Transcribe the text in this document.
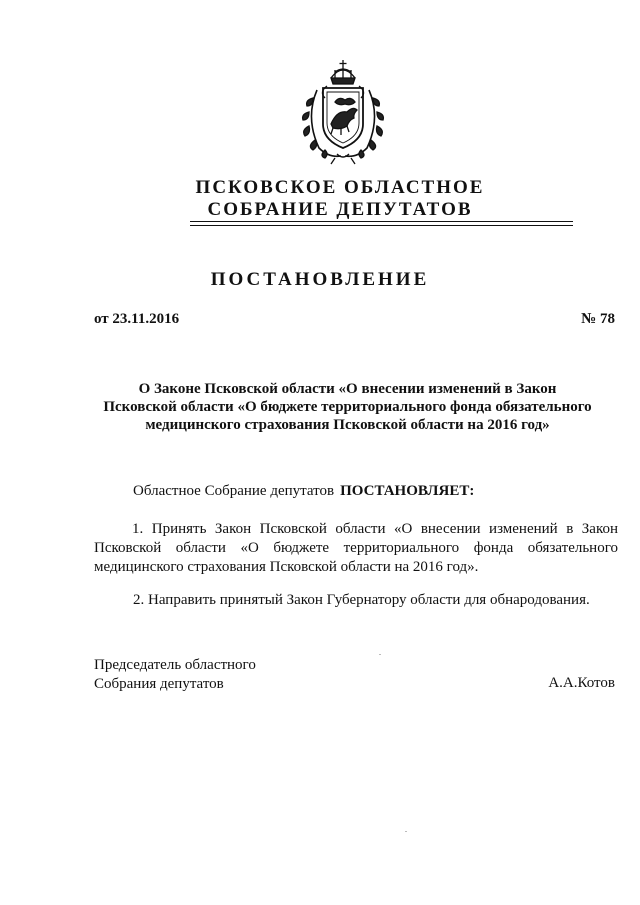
ПСКОВСКОЕ ОБЛАСТНОЕ
СОБРАНИЕ ДЕПУТАТОВ
ПОСТАНОВЛЕНИЕ
от 23.11.2016	№ 78
О Законе Псковской области «О внесении изменений в Закон
Псковской области «О бюджете территориального фонда обязательного
медицинского страхования Псковской области на 2016 год»
Областное Собрание депутатов ПОСТАНОВЛЯЕТ:
1. Принять Закон Псковской области «О внесении изменений в Закон
Псковской области «О бюджете территориального фонда обязательного
медицинского страхования Псковской области на 2016 год».
2. Направить принятый Закон Губернатору области для обнародования.
Председатель областного
Собрания депутатов	А.А.Котов
